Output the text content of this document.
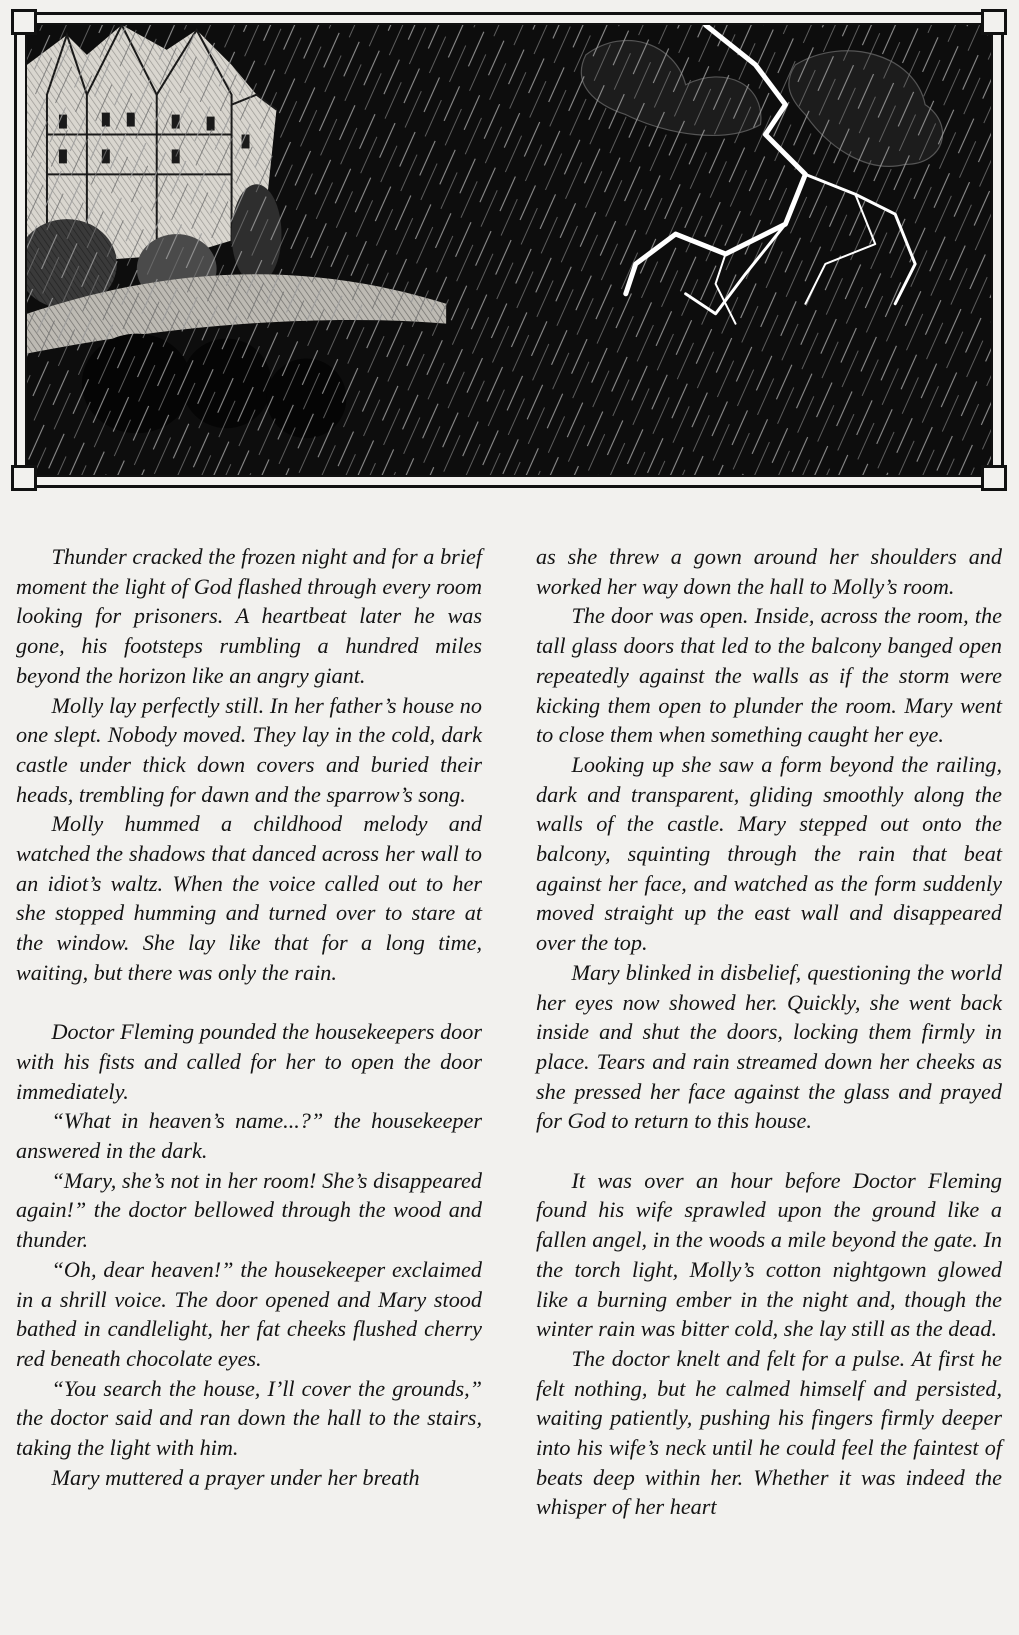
Thunder cracked the frozen night and for a brief moment the light of God flashed through every room looking for prisoners. A heartbeat later he was gone, his footsteps rumbling a hundred miles beyond the horizon like an angry giant.

Molly lay perfectly still. In her father’s house no one slept. Nobody moved. They lay in the cold, dark castle under thick down covers and buried their heads, trembling for dawn and the sparrow’s song.

Molly hummed a childhood melody and watched the shadows that danced across her wall to an idiot’s waltz. When the voice called out to her she stopped humming and turned over to stare at the window. She lay like that for a long time, waiting, but there was only the rain.

Doctor Fleming pounded the housekeepers door with his fists and called for her to open the door immediately.

“What in heaven’s name...?” the housekeeper answered in the dark.

“Mary, she’s not in her room! She’s disappeared again!” the doctor bellowed through the wood and thunder.

“Oh, dear heaven!” the housekeeper exclaimed in a shrill voice. The door opened and Mary stood bathed in candlelight, her fat cheeks flushed cherry red beneath chocolate eyes.

“You search the house, I’ll cover the grounds,” the doctor said and ran down the hall to the stairs, taking the light with him.

Mary muttered a prayer under her breath

as she threw a gown around her shoulders and worked her way down the hall to Molly’s room.

The door was open. Inside, across the room, the tall glass doors that led to the balcony banged open repeatedly against the walls as if the storm were kicking them open to plunder the room. Mary went to close them when something caught her eye.

Looking up she saw a form beyond the railing, dark and transparent, gliding smoothly along the walls of the castle. Mary stepped out onto the balcony, squinting through the rain that beat against her face, and watched as the form suddenly moved straight up the east wall and disappeared over the top.

Mary blinked in disbelief, questioning the world her eyes now showed her. Quickly, she went back inside and shut the doors, locking them firmly in place. Tears and rain streamed down her cheeks as she pressed her face against the glass and prayed for God to return to this house.

It was over an hour before Doctor Fleming found his wife sprawled upon the ground like a fallen angel, in the woods a mile beyond the gate. In the torch light, Molly’s cotton nightgown glowed like a burning ember in the night and, though the winter rain was bitter cold, she lay still as the dead.

The doctor knelt and felt for a pulse. At first he felt nothing, but he calmed himself and persisted, waiting patiently, pushing his fingers firmly deeper into his wife’s neck until he could feel the faintest of beats deep within her. Whether it was indeed the whisper of her heart
